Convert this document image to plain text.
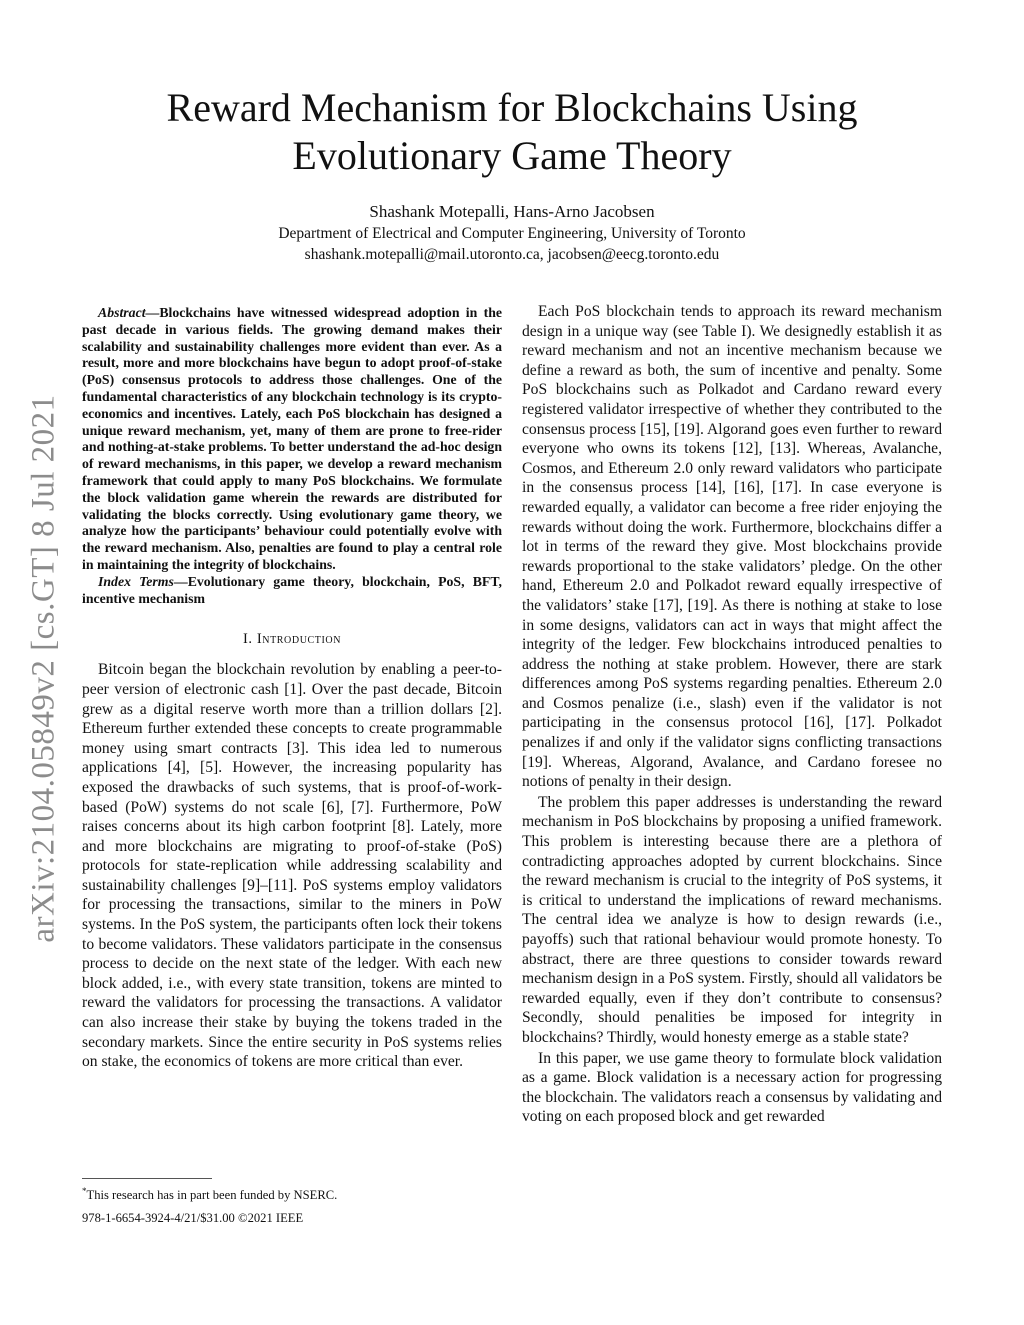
arXiv:2104.05849v2 [cs.GT] 8 Jul 2021
Reward Mechanism for Blockchains Using Evolutionary Game Theory
Shashank Motepalli, Hans-Arno Jacobsen
Department of Electrical and Computer Engineering, University of Toronto
shashank.motepalli@mail.utoronto.ca, jacobsen@eecg.toronto.edu

Abstract—Blockchains have witnessed widespread adoption in the past decade in various fields. The growing demand makes their scalability and sustainability challenges more evident than ever. As a result, more and more blockchains have begun to adopt proof-of-stake (PoS) consensus protocols to address those challenges. One of the fundamental characteristics of any blockchain technology is its crypto-economics and incentives. Lately, each PoS blockchain has designed a unique reward mechanism, yet, many of them are prone to free-rider and nothing-at-stake problems. To better understand the ad-hoc design of reward mechanisms, in this paper, we develop a reward mechanism framework that could apply to many PoS blockchains. We formulate the block validation game wherein the rewards are distributed for validating the blocks correctly. Using evolutionary game theory, we analyze how the participants’ behaviour could potentially evolve with the reward mechanism. Also, penalties are found to play a central role in maintaining the integrity of blockchains.

Index Terms—Evolutionary game theory, blockchain, PoS, BFT, incentive mechanism

I. Introduction

Bitcoin began the blockchain revolution by enabling a peer-to-peer version of electronic cash [1]. Over the past decade, Bitcoin grew as a digital reserve worth more than a trillion dollars [2]. Ethereum further extended these concepts to create programmable money using smart contracts [3]. This idea led to numerous applications [4], [5]. However, the increasing popularity has exposed the drawbacks of such systems, that is proof-of-work-based (PoW) systems do not scale [6], [7]. Furthermore, PoW raises concerns about its high carbon footprint [8]. Lately, more and more blockchains are migrating to proof-of-stake (PoS) protocols for state-replication while addressing scalability and sustainability challenges [9]–[11]. PoS systems employ validators for processing the transactions, similar to the miners in PoW systems. In the PoS system, the participants often lock their tokens to become validators. These validators participate in the consensus process to decide on the next state of the ledger. With each new block added, i.e., with every state transition, tokens are minted to reward the validators for processing the transactions. A validator can also increase their stake by buying the tokens traded in the secondary markets. Since the entire security in PoS systems relies on stake, the economics of tokens are more critical than ever.

Each PoS blockchain tends to approach its reward mechanism design in a unique way (see Table I). We designedly establish it as reward mechanism and not an incentive mechanism because we define a reward as both, the sum of incentive and penalty. Some PoS blockchains such as Polkadot and Cardano reward every registered validator irrespective of whether they contributed to the consensus process [15], [19]. Algorand goes even further to reward everyone who owns its tokens [12], [13]. Whereas, Avalanche, Cosmos, and Ethereum 2.0 only reward validators who participate in the consensus process [14], [16], [17]. In case everyone is rewarded equally, a validator can become a free rider enjoying the rewards without doing the work. Furthermore, blockchains differ a lot in terms of the reward they give. Most blockchains provide rewards proportional to the stake validators’ pledge. On the other hand, Ethereum 2.0 and Polkadot reward equally irrespective of the validators’ stake [17], [19]. As there is nothing at stake to lose in some designs, validators can act in ways that might affect the integrity of the ledger. Few blockchains introduced penalties to address the nothing at stake problem. However, there are stark differences among PoS systems regarding penalties. Ethereum 2.0 and Cosmos penalize (i.e., slash) even if the validator is not participating in the consensus protocol [16], [17]. Polkadot penalizes if and only if the validator signs conflicting transactions [19]. Whereas, Algorand, Avalance, and Cardano foresee no notions of penalty in their design.

The problem this paper addresses is understanding the reward mechanism in PoS blockchains by proposing a unified framework. This problem is interesting because there are a plethora of contradicting approaches adopted by current blockchains. Since the reward mechanism is crucial to the integrity of PoS systems, it is critical to understand the implications of reward mechanisms. The central idea we analyze is how to design rewards (i.e., payoffs) such that rational behaviour would promote honesty. To abstract, there are three questions to consider towards reward mechanism design in a PoS system. Firstly, should all validators be rewarded equally, even if they don’t contribute to consensus? Secondly, should penalities be imposed for integrity in blockchains? Thirdly, would honesty emerge as a stable state?

In this paper, we use game theory to formulate block validation as a game. Block validation is a necessary action for progressing the blockchain. The validators reach a consensus by validating and voting on each proposed block and get rewarded

*This research has in part been funded by NSERC.
978-1-6654-3924-4/21/$31.00 ©2021 IEEE
